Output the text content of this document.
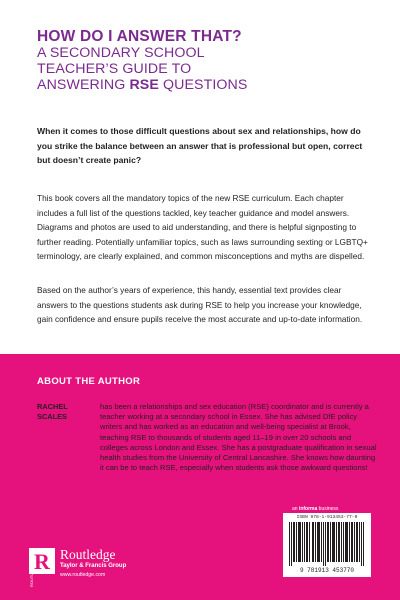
HOW DO I ANSWER THAT?
A SECONDARY SCHOOL
TEACHER’S GUIDE TO
ANSWERING RSE QUESTIONS
When it comes to those difficult questions about sex and relationships, how do you strike the balance between an answer that is professional but open, correct but doesn’t create panic?
This book covers all the mandatory topics of the new RSE curriculum. Each chapter includes a full list of the questions tackled, key teacher guidance and model answers. Diagrams and photos are used to aid understanding, and there is helpful signposting to further reading. Potentially unfamiliar topics, such as laws surrounding sexting or LGBTQ+ terminology, are clearly explained, and common misconceptions and myths are dispelled.
Based on the author’s years of experience, this handy, essential text provides clear answers to the questions students ask during RSE to help you increase your knowledge, gain confidence and ensure pupils receive the most accurate and up-to-date information.
ABOUT THE AUTHOR
RACHEL
SCALES
has been a relationships and sex education (RSE) coordinator and is currently a teacher working at a secondary school in Essex. She has advised DfE policy writers and has worked as an education and well-being specialist at Brook, teaching RSE to thousands of students aged 11–19 in over 20 schools and colleges across London and Essex. She has a postgraduate qualification in sexual health studies from the University of Central Lancashire. She knows how daunting it can be to teach RSE, especially when students ask those awkward questions!
an informa business
ISBN 978-1-913453-77-0
9 781913 453770
R
ROUTLEDGE
Routledge
Taylor & Francis Group
www.routledge.com
